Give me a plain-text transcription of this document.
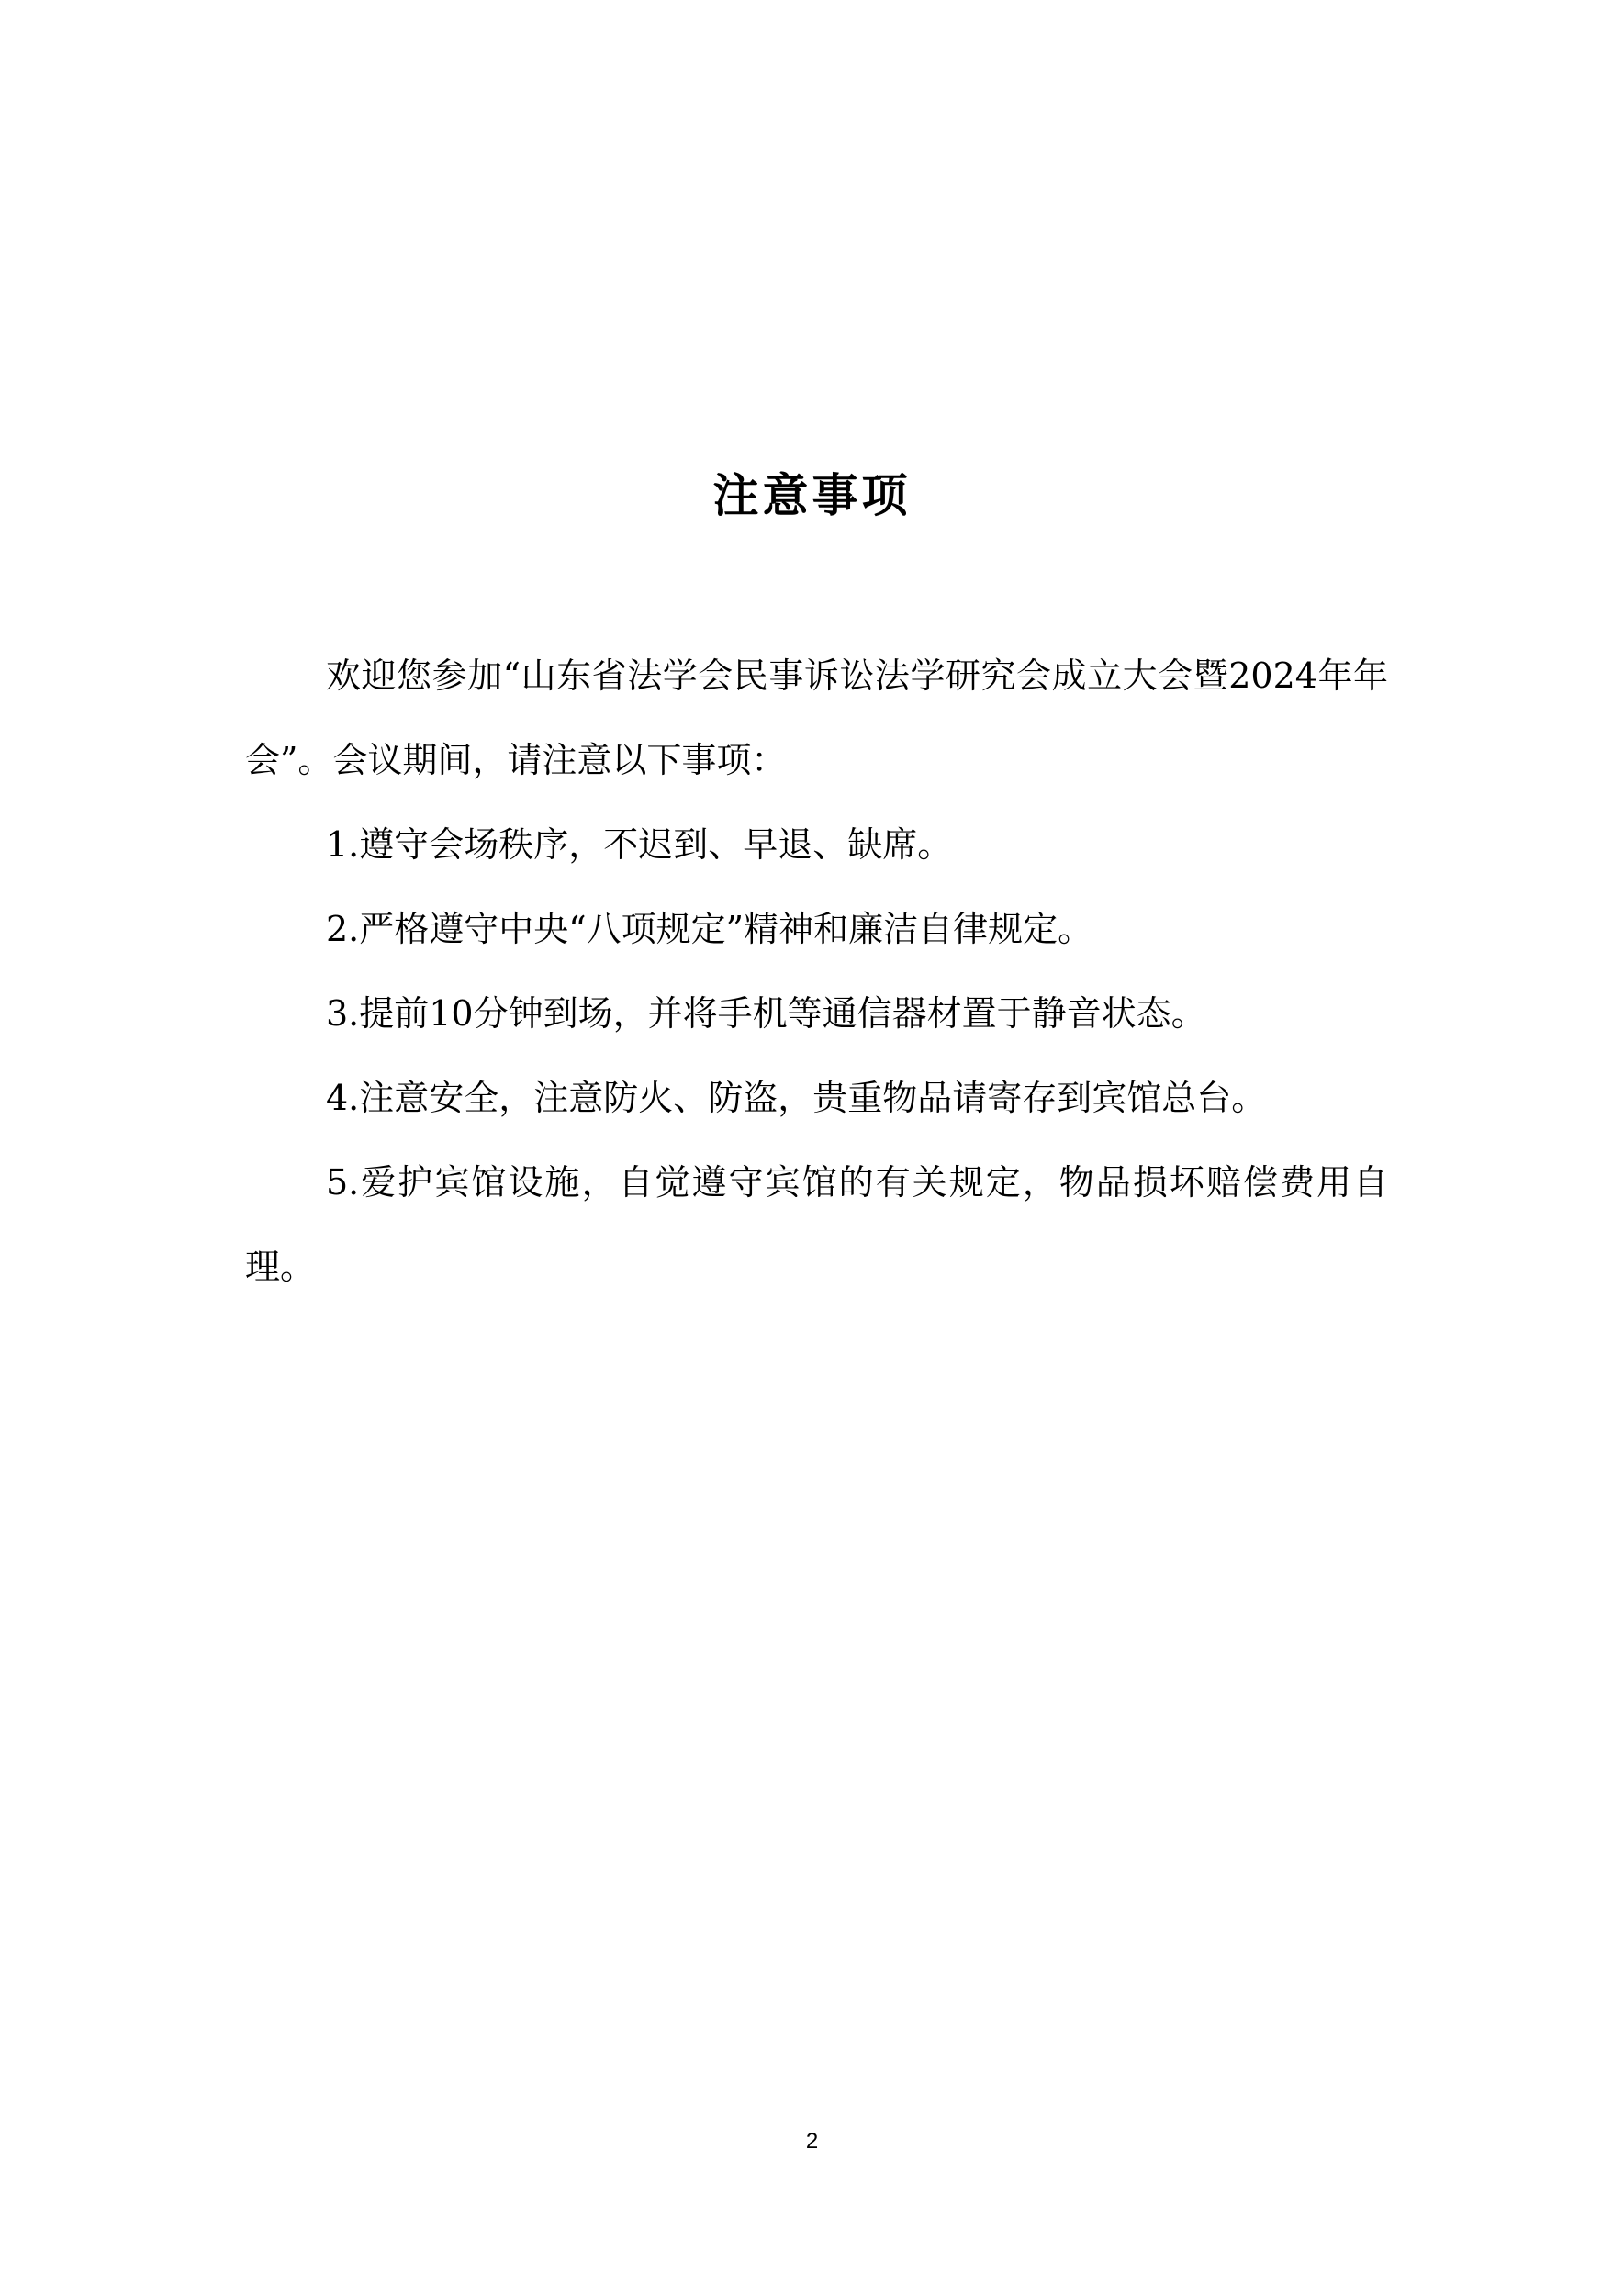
注意事项

欢迎您参加“山东省法学会民事诉讼法学研究会成立大会暨2024年年会”。会议期间，请注意以下事项：

1.遵守会场秩序，不迟到、早退、缺席。

2.严格遵守中央“八项规定”精神和廉洁自律规定。

3.提前10分钟到场，并将手机等通信器材置于静音状态。

4.注意安全，注意防火、防盗，贵重物品请寄存到宾馆总台。

5.爱护宾馆设施，自觉遵守宾馆的有关规定，物品损坏赔偿费用自理。

2
